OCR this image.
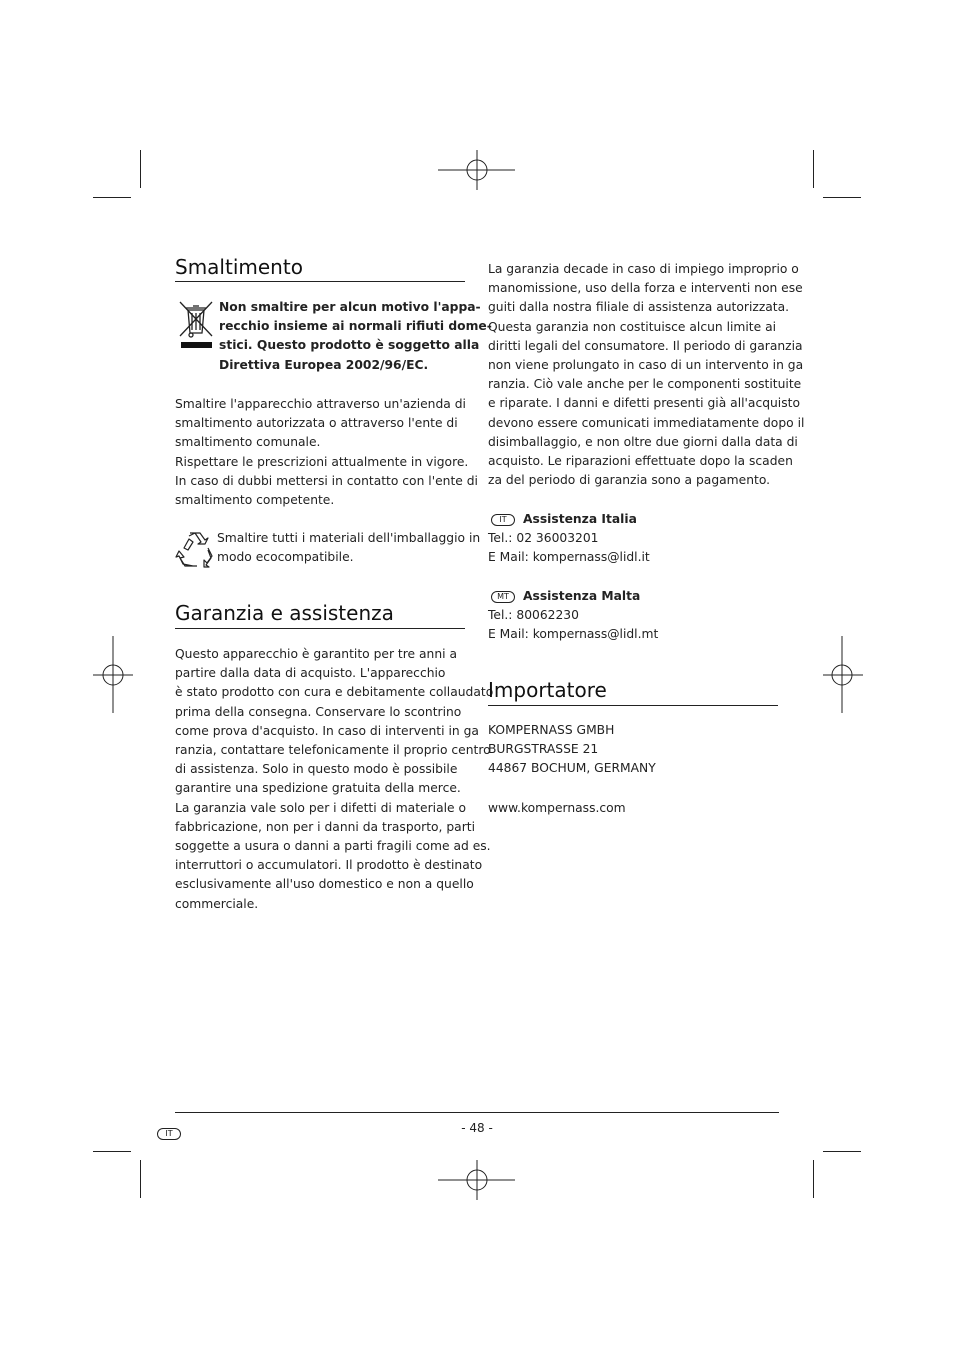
Smaltimento
Non smaltire per alcun motivo l'appa-
recchio insieme ai normali rifiuti dome-
stici. Questo prodotto è soggetto alla
Direttiva Europea 2002/96/EC.
Smaltire l'apparecchio attraverso un'azienda di
smaltimento autorizzata o attraverso l'ente di
smaltimento comunale.
Rispettare le prescrizioni attualmente in vigore.
In caso di dubbi mettersi in contatto con l'ente di
smaltimento competente.
Smaltire tutti i materiali dell'imballaggio in
modo ecocompatibile.
Garanzia e assistenza
Questo apparecchio è garantito per tre anni a
partire dalla data di acquisto. L'apparecchio
è stato prodotto con cura e debitamente collaudato
prima della consegna. Conservare lo scontrino
come prova d'acquisto. In caso di interventi in ga
ranzia, contattare telefonicamente il proprio centro
di assistenza. Solo in questo modo è possibile
garantire una spedizione gratuita della merce.
La garanzia vale solo per i difetti di materiale o
fabbricazione, non per i danni da trasporto, parti
soggette a usura o danni a parti fragili come ad es.
interruttori o accumulatori. Il prodotto è destinato
esclusivamente all'uso domestico e non a quello
commerciale.
La garanzia decade in caso di impiego improprio o
manomissione, uso della forza e interventi non ese
guiti dalla nostra filiale di assistenza autorizzata.
Questa garanzia non costituisce alcun limite ai
diritti legali del consumatore. Il periodo di garanzia
non viene prolungato in caso di un intervento in ga
ranzia. Ciò vale anche per le componenti sostituite
e riparate. I danni e difetti presenti già all'acquisto
devono essere comunicati immediatamente dopo il
disimballaggio, e non oltre due giorni dalla data di
acquisto. Le riparazioni effettuate dopo la scaden
za del periodo di garanzia sono a pagamento.
IT Assistenza Italia
Tel.: 02 36003201
E Mail: kompernass@lidl.it
MT Assistenza Malta
Tel.: 80062230
E Mail: kompernass@lidl.mt
Importatore
KOMPERNASS GMBH
BURGSTRASSE 21
44867 BOCHUM, GERMANY
www.kompernass.com
IT	- 48 -
